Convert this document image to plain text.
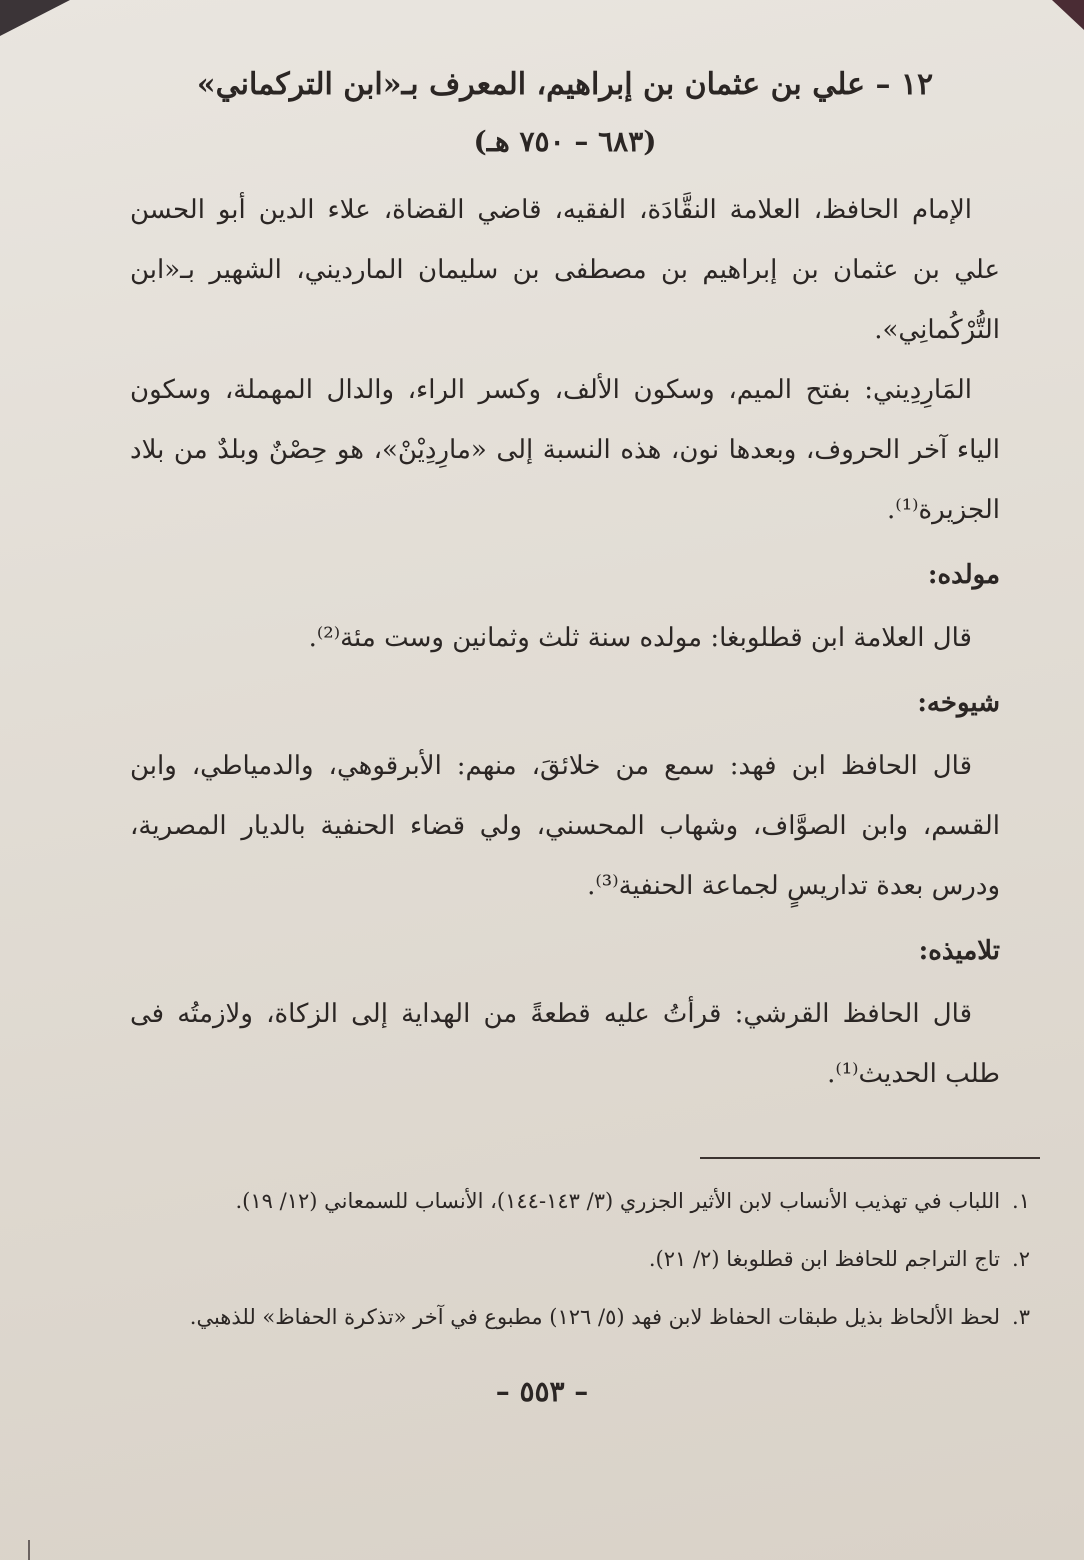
١٢ – علي بن عثمان بن إبراهيم، المعرف بـ«ابن التركماني»
(٦٨٣ – ٧٥٠ هـ)

الإمام الحافظ، العلامة النقَّادَة، الفقيه، قاضي القضاة، علاء الدين أبو الحسن علي بن عثمان بن إبراهيم بن مصطفى بن سليمان المارديني، الشهير بـ«ابن التُّرْكُمانِي».

المَارِدِيني: بفتح الميم، وسكون الألف، وكسر الراء، والدال المهملة، وسكون الياء آخر الحروف، وبعدها نون، هذه النسبة إلى «مارِدِيْنْ»، هو حِصْنٌ وبلدٌ من بلاد الجزيرة⁽¹⁾.

مولده:

قال العلامة ابن قطلوبغا: مولده سنة ثلث وثمانين وست مئة⁽²⁾.

شيوخه:

قال الحافظ ابن فهد: سمع من خلائقَ، منهم: الأبرقوهي، والدمياطي، وابن القسم، وابن الصوَّاف، وشهاب المحسني، ولي قضاء الحنفية بالديار المصرية، ودرس بعدة تداريسٍ لجماعة الحنفية⁽³⁾.

تلاميذه:

قال الحافظ القرشي: قرأتُ عليه قطعةً من الهداية إلى الزكاة، ولازمتُه فى طلب الحديث⁽¹⁾.

١.اللباب في تهذيب الأنساب لابن الأثير الجزري (٣/ ١٤٣-١٤٤)، الأنساب للسمعاني (١٢/ ١٩).
٢.تاج التراجم للحافظ ابن قطلوبغا (٢/ ٢١).
٣.لحظ الألحاظ بذيل طبقات الحفاظ لابن فهد (٥/ ١٢٦) مطبوع في آخر «تذكرة الحفاظ» للذهبي.
– ٥٥٣ –
